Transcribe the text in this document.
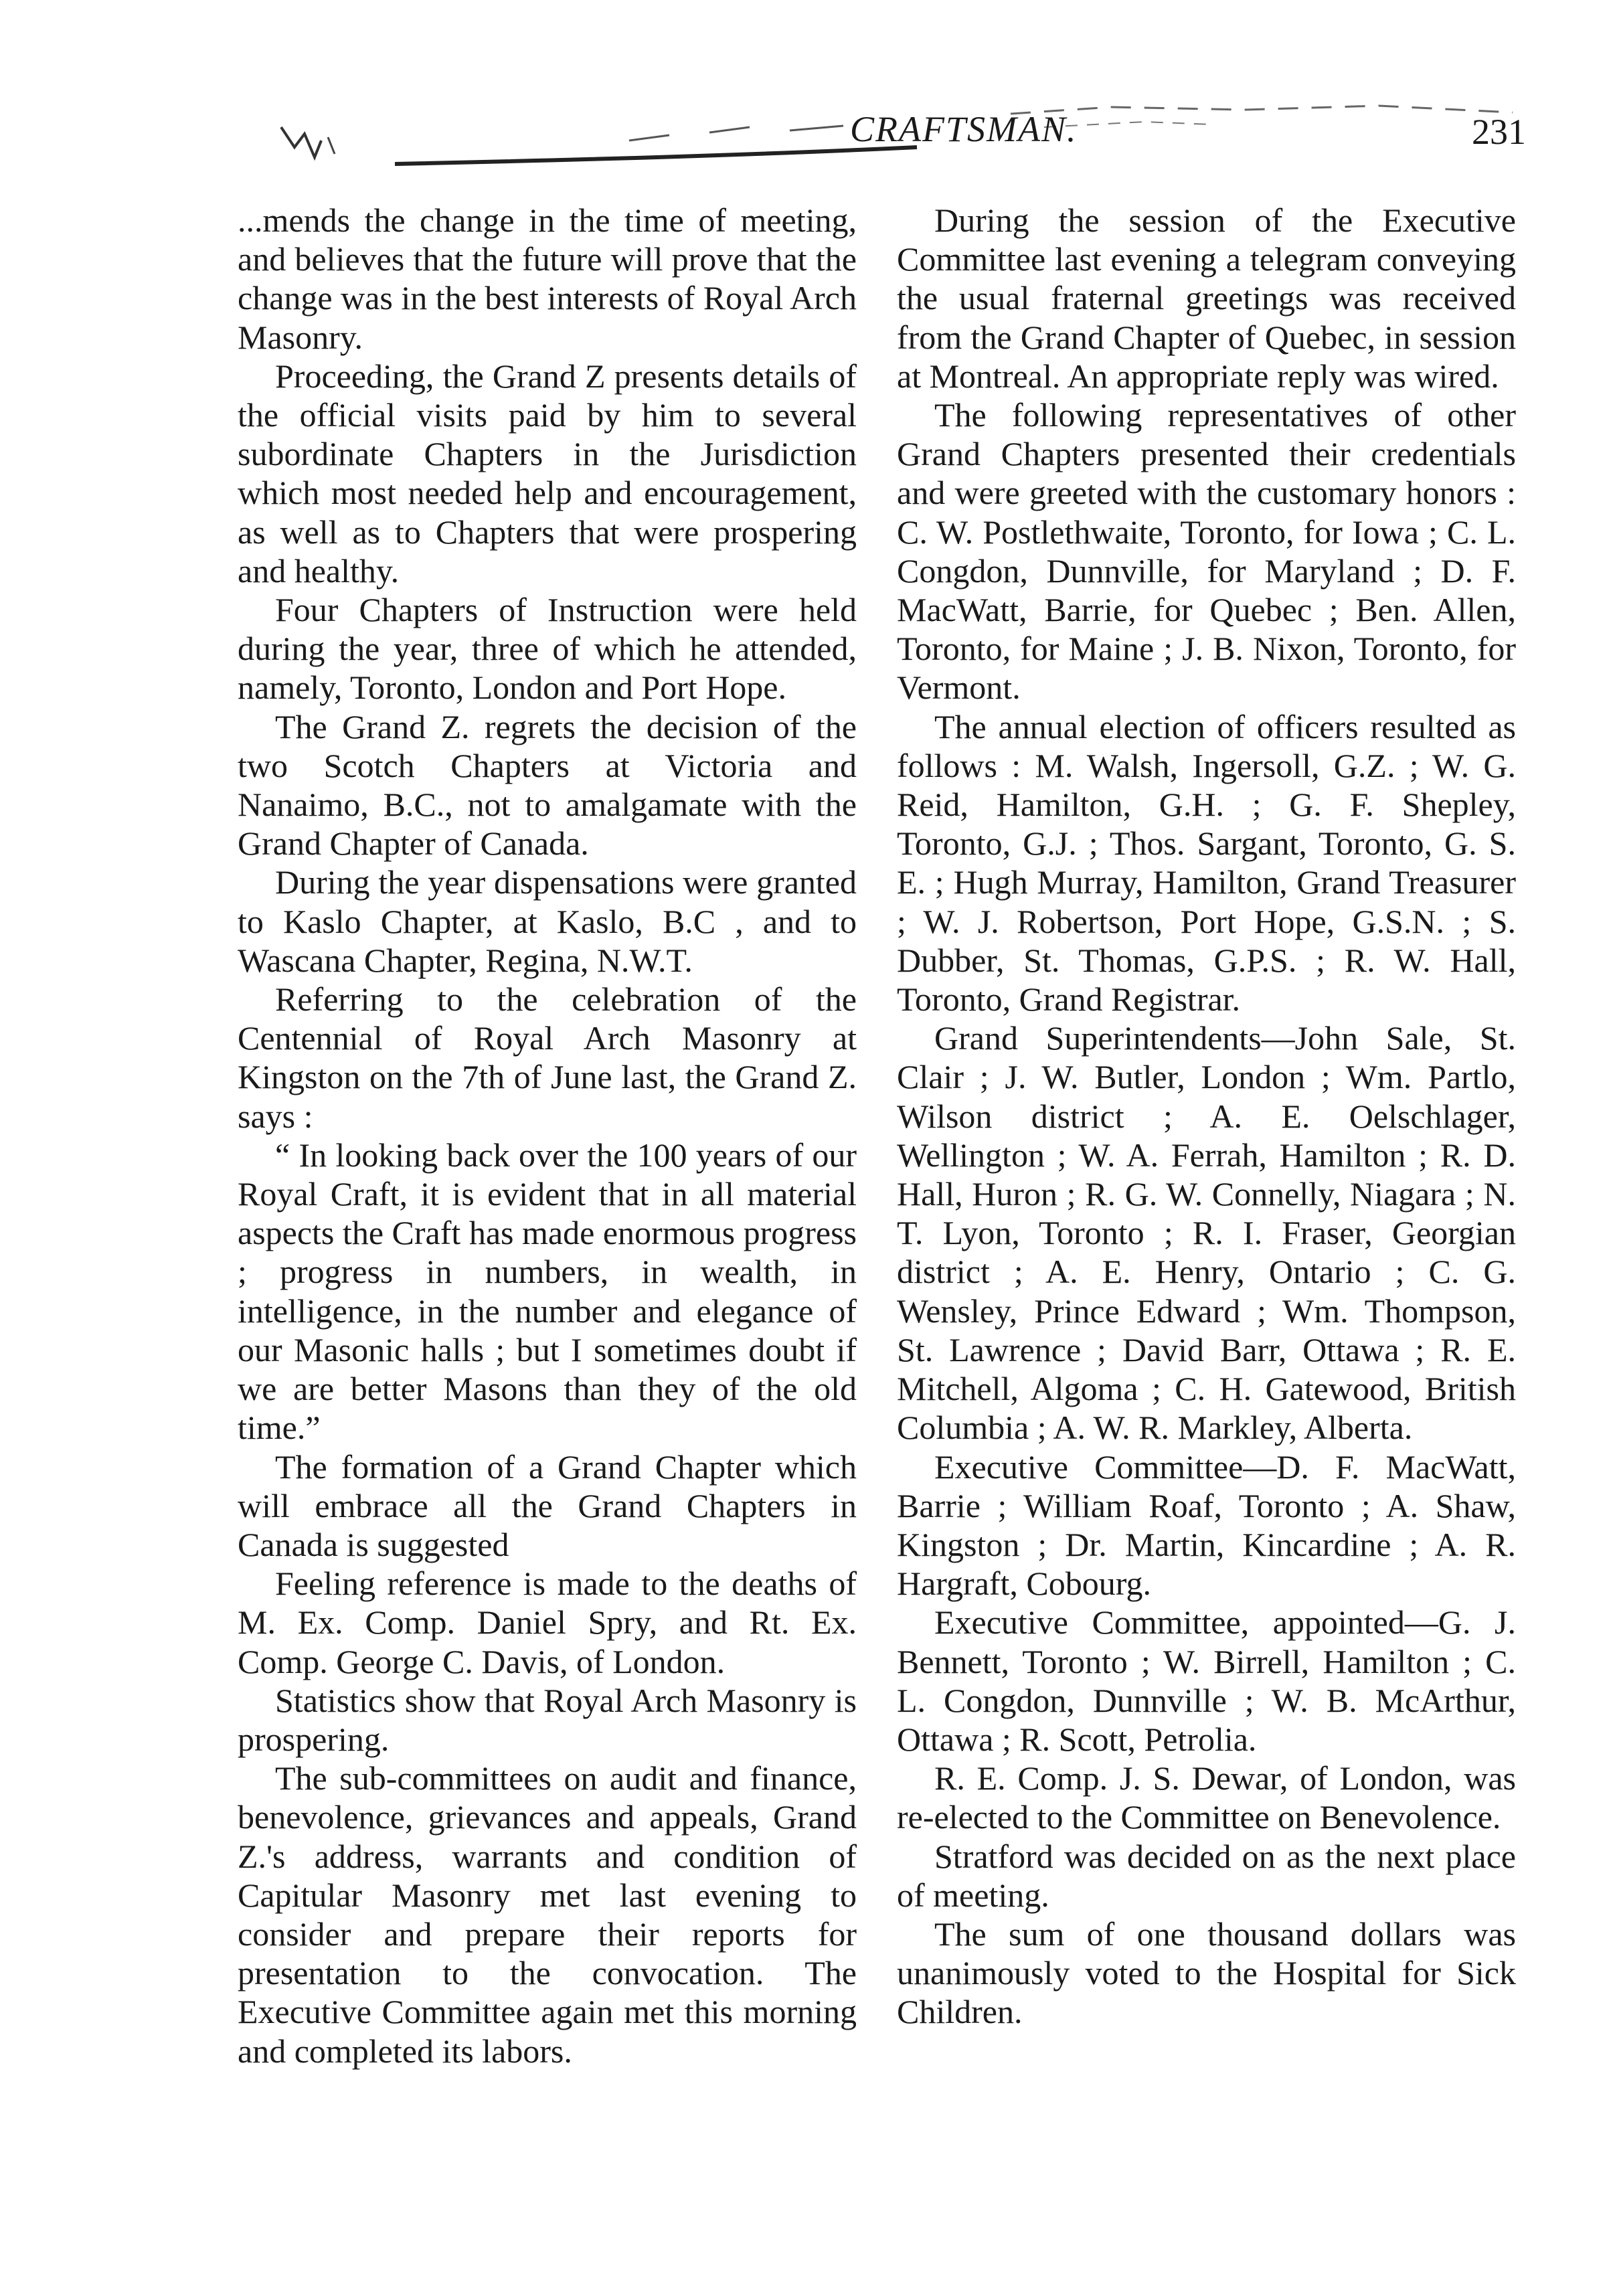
CRAFTSMAN.	231

...mends the change in the time of meeting, and believes that the future will prove that the change was in the best interests of Royal Arch Masonry.

Proceeding, the Grand Z presents details of the official visits paid by him to several subordinate Chapters in the Jurisdiction which most needed help and encouragement, as well as to Chapters that were prospering and healthy.

Four Chapters of Instruction were held during the year, three of which he attended, namely, Toronto, London and Port Hope.

The Grand Z. regrets the decision of the two Scotch Chapters at Victoria and Nanaimo, B.C., not to amalgamate with the Grand Chapter of Canada.

During the year dispensations were granted to Kaslo Chapter, at Kaslo, B.C , and to Wascana Chapter, Regina, N.W.T.

Referring to the celebration of the Centennial of Royal Arch Masonry at Kingston on the 7th of June last, the Grand Z. says :

“ In looking back over the 100 years of our Royal Craft, it is evident that in all material aspects the Craft has made enormous progress ; progress in numbers, in wealth, in intelligence, in the number and elegance of our Masonic halls ; but I sometimes doubt if we are better Masons than they of the old time.”

The formation of a Grand Chapter which will embrace all the Grand Chapters in Canada is suggested

Feeling reference is made to the deaths of M. Ex. Comp. Daniel Spry, and Rt. Ex. Comp. George C. Davis, of London.

Statistics show that Royal Arch Masonry is prospering.

The sub-committees on audit and finance, benevolence, grievances and appeals, Grand Z.'s address, warrants and condition of Capitular Masonry met last evening to consider and prepare their reports for presentation to the convocation. The Executive Committee again met this morning and completed its labors.

During the session of the Executive Committee last evening a telegram conveying the usual fraternal greetings was received from the Grand Chapter of Quebec, in session at Montreal. An appropriate reply was wired.

The following representatives of other Grand Chapters presented their credentials and were greeted with the customary honors : C. W. Postlethwaite, Toronto, for Iowa ; C. L. Congdon, Dunnville, for Maryland ; D. F. MacWatt, Barrie, for Quebec ; Ben. Allen, Toronto, for Maine ; J. B. Nixon, Toronto, for Vermont.

The annual election of officers resulted as follows : M. Walsh, Ingersoll, G.Z. ; W. G. Reid, Hamilton, G.H. ; G. F. Shepley, Toronto, G.J. ; Thos. Sargant, Toronto, G. S. E. ; Hugh Murray, Hamilton, Grand Treasurer ; W. J. Robertson, Port Hope, G.S.N. ; S. Dubber, St. Thomas, G.P.S. ; R. W. Hall, Toronto, Grand Registrar.

Grand Superintendents—John Sale, St. Clair ; J. W. Butler, London ; Wm. Partlo, Wilson district ; A. E. Oelschlager, Wellington ; W. A. Ferrah, Hamilton ; R. D. Hall, Huron ; R. G. W. Connelly, Niagara ; N. T. Lyon, Toronto ; R. I. Fraser, Georgian district ; A. E. Henry, Ontario ; C. G. Wensley, Prince Edward ; Wm. Thompson, St. Lawrence ; David Barr, Ottawa ; R. E. Mitchell, Algoma ; C. H. Gatewood, British Columbia ; A. W. R. Markley, Alberta.

Executive Committee—D. F. MacWatt, Barrie ; William Roaf, Toronto ; A. Shaw, Kingston ; Dr. Martin, Kincardine ; A. R. Hargraft, Cobourg.

Executive Committee, appointed—G. J. Bennett, Toronto ; W. Birrell, Hamilton ; C. L. Congdon, Dunnville ; W. B. McArthur, Ottawa ; R. Scott, Petrolia.

R. E. Comp. J. S. Dewar, of London, was re-elected to the Committee on Benevolence.

Stratford was decided on as the next place of meeting.

The sum of one thousand dollars was unanimously voted to the Hospital for Sick Children.
